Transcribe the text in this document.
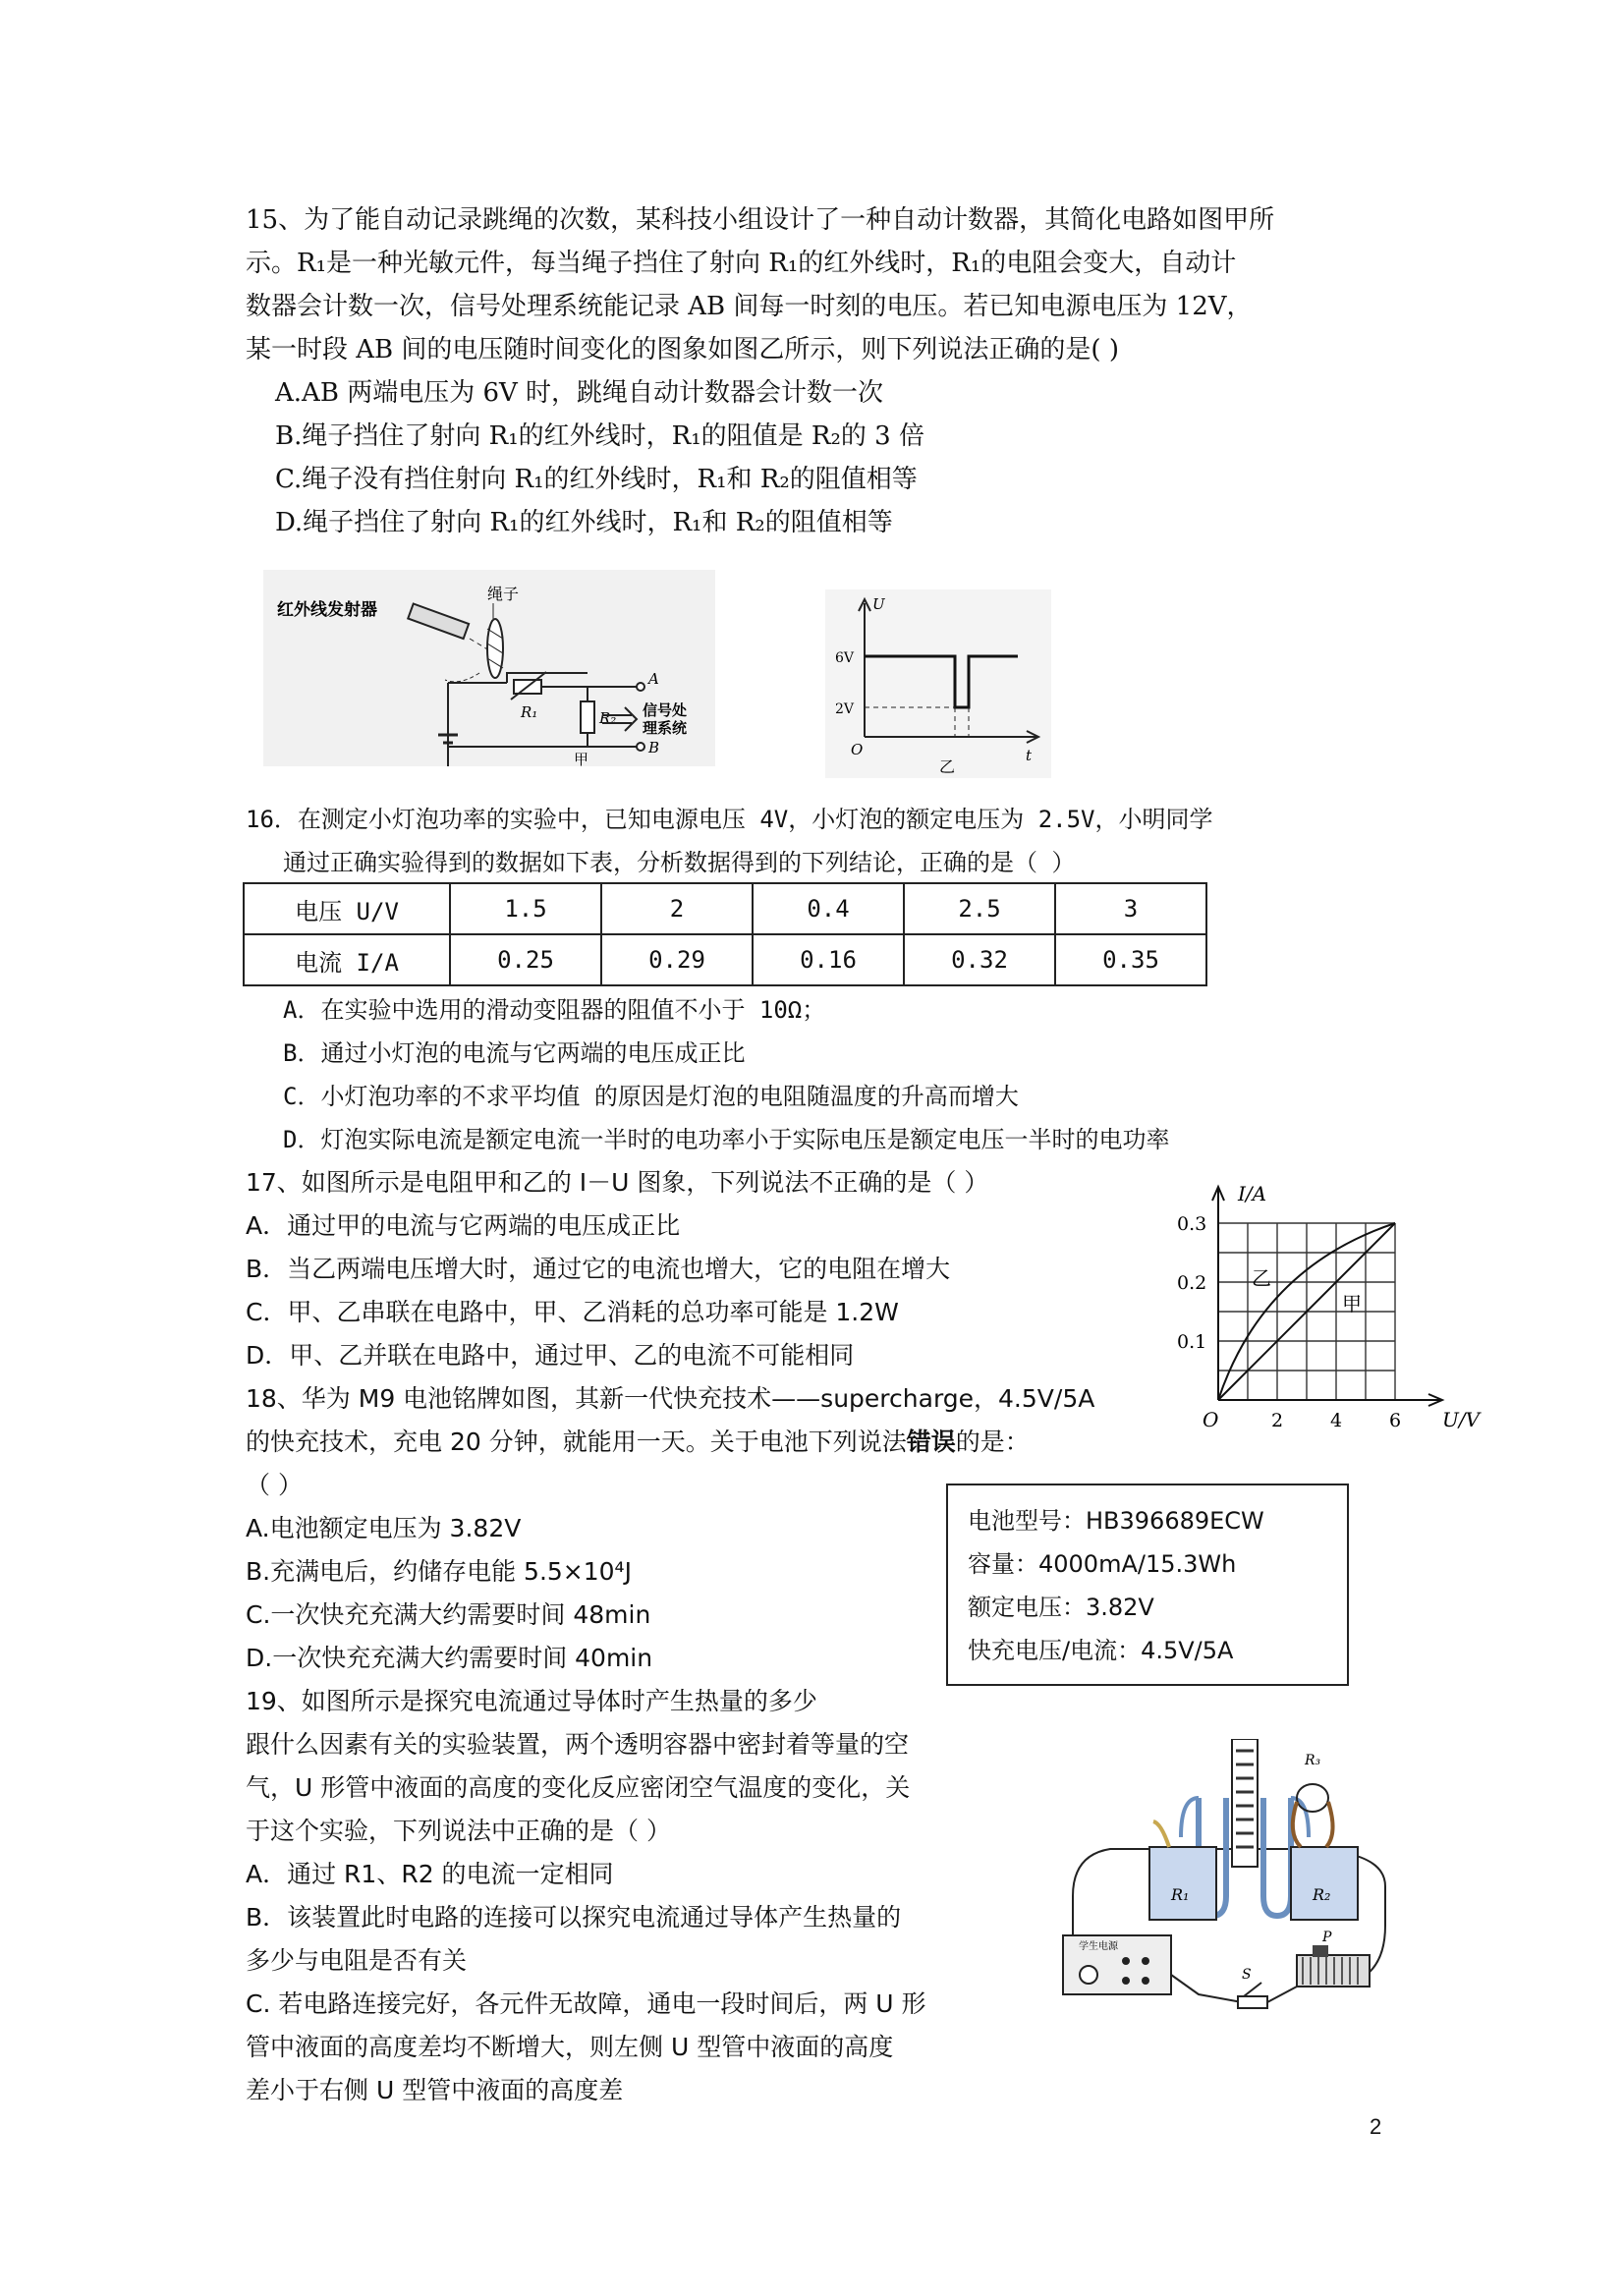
15、为了能自动记录跳绳的次数，某科技小组设计了一种自动计数器，其简化电路如图甲所
示。R₁是一种光敏元件，每当绳子挡住了射向 R₁的红外线时，R₁的电阻会变大，自动计
数器会计数一次，信号处理系统能记录 AB 间每一时刻的电压。若已知电源电压为 12V，
某一时段 AB 间的电压随时间变化的图象如图乙所示，则下列说法正确的是( )
A.AB 两端电压为 6V 时，跳绳自动计数器会计数一次
B.绳子挡住了射向 R₁的红外线时，R₁的阻值是 R₂的 3 倍
C.绳子没有挡住射向 R₁的红外线时，R₁和 R₂的阻值相等
D.绳子挡住了射向 R₁的红外线时，R₁和 R₂的阻值相等
红外线发射器
绳子
R₁	R₂
A
B
信号处
理系统
甲
U
t
6V
2V
O
乙
16．在测定小灯泡功率的实验中，已知电源电压 4V，小灯泡的额定电压为 2.5V，小明同学
通过正确实验得到的数据如下表，分析数据得到的下列结论，正确的是（ ）
电压 U/V	1.5	2	0.4	2.5	3
电流 I/A	0.25	0.29	0.16	0.32	0.35
A．在实验中选用的滑动变阻器的阻值不小于 10Ω；
B．通过小灯泡的电流与它两端的电压成正比
C．小灯泡功率的不求平均值 的原因是灯泡的电阻随温度的升高而增大
D．灯泡实际电流是额定电流一半时的电功率小于实际电压是额定电压一半时的电功率
17、如图所示是电阻甲和乙的 I－U 图象，下列说法不正确的是（ ）
A．通过甲的电流与它两端的电压成正比
B．当乙两端电压增大时，通过它的电流也增大，它的电阻在增大
C．甲、乙串联在电路中，甲、乙消耗的总功率可能是 1.2W
D．甲、乙并联在电路中，通过甲、乙的电流不可能相同
I/A
U/V
O
0.1
0.2
0.3
2	4	6
乙
甲
18、华为 M9 电池铭牌如图，其新一代快充技术——supercharge，4.5V/5A
的快充技术，充电 20 分钟，就能用一天。关于电池下列说法错误的是：
（ ）
A.电池额定电压为 3.82V
B.充满电后，约储存电能 5.5×10⁴J
C.一次快充充满大约需要时间 48min
D.一次快充充满大约需要时间 40min
电池型号：HB396689ECW
容量：4000mA/15.3Wh
额定电压：3.82V
快充电压/电流：4.5V/5A
19、如图所示是探究电流通过导体时产生热量的多少
跟什么因素有关的实验装置，两个透明容器中密封着等量的空
气，U 形管中液面的高度的变化反应密闭空气温度的变化，关
于这个实验，下列说法中正确的是（ ）
A．通过 R1、R2 的电流一定相同
B．该装置此时电路的连接可以探究电流通过导体产生热量的
多少与电阻是否有关
C. 若电路连接完好，各元件无故障，通电一段时间后，两 U 形
管中液面的高度差均不断增大，则左侧 U 型管中液面的高度
差小于右侧 U 型管中液面的高度差
R₁	R₂
R₃
学生电源
S
P
2
